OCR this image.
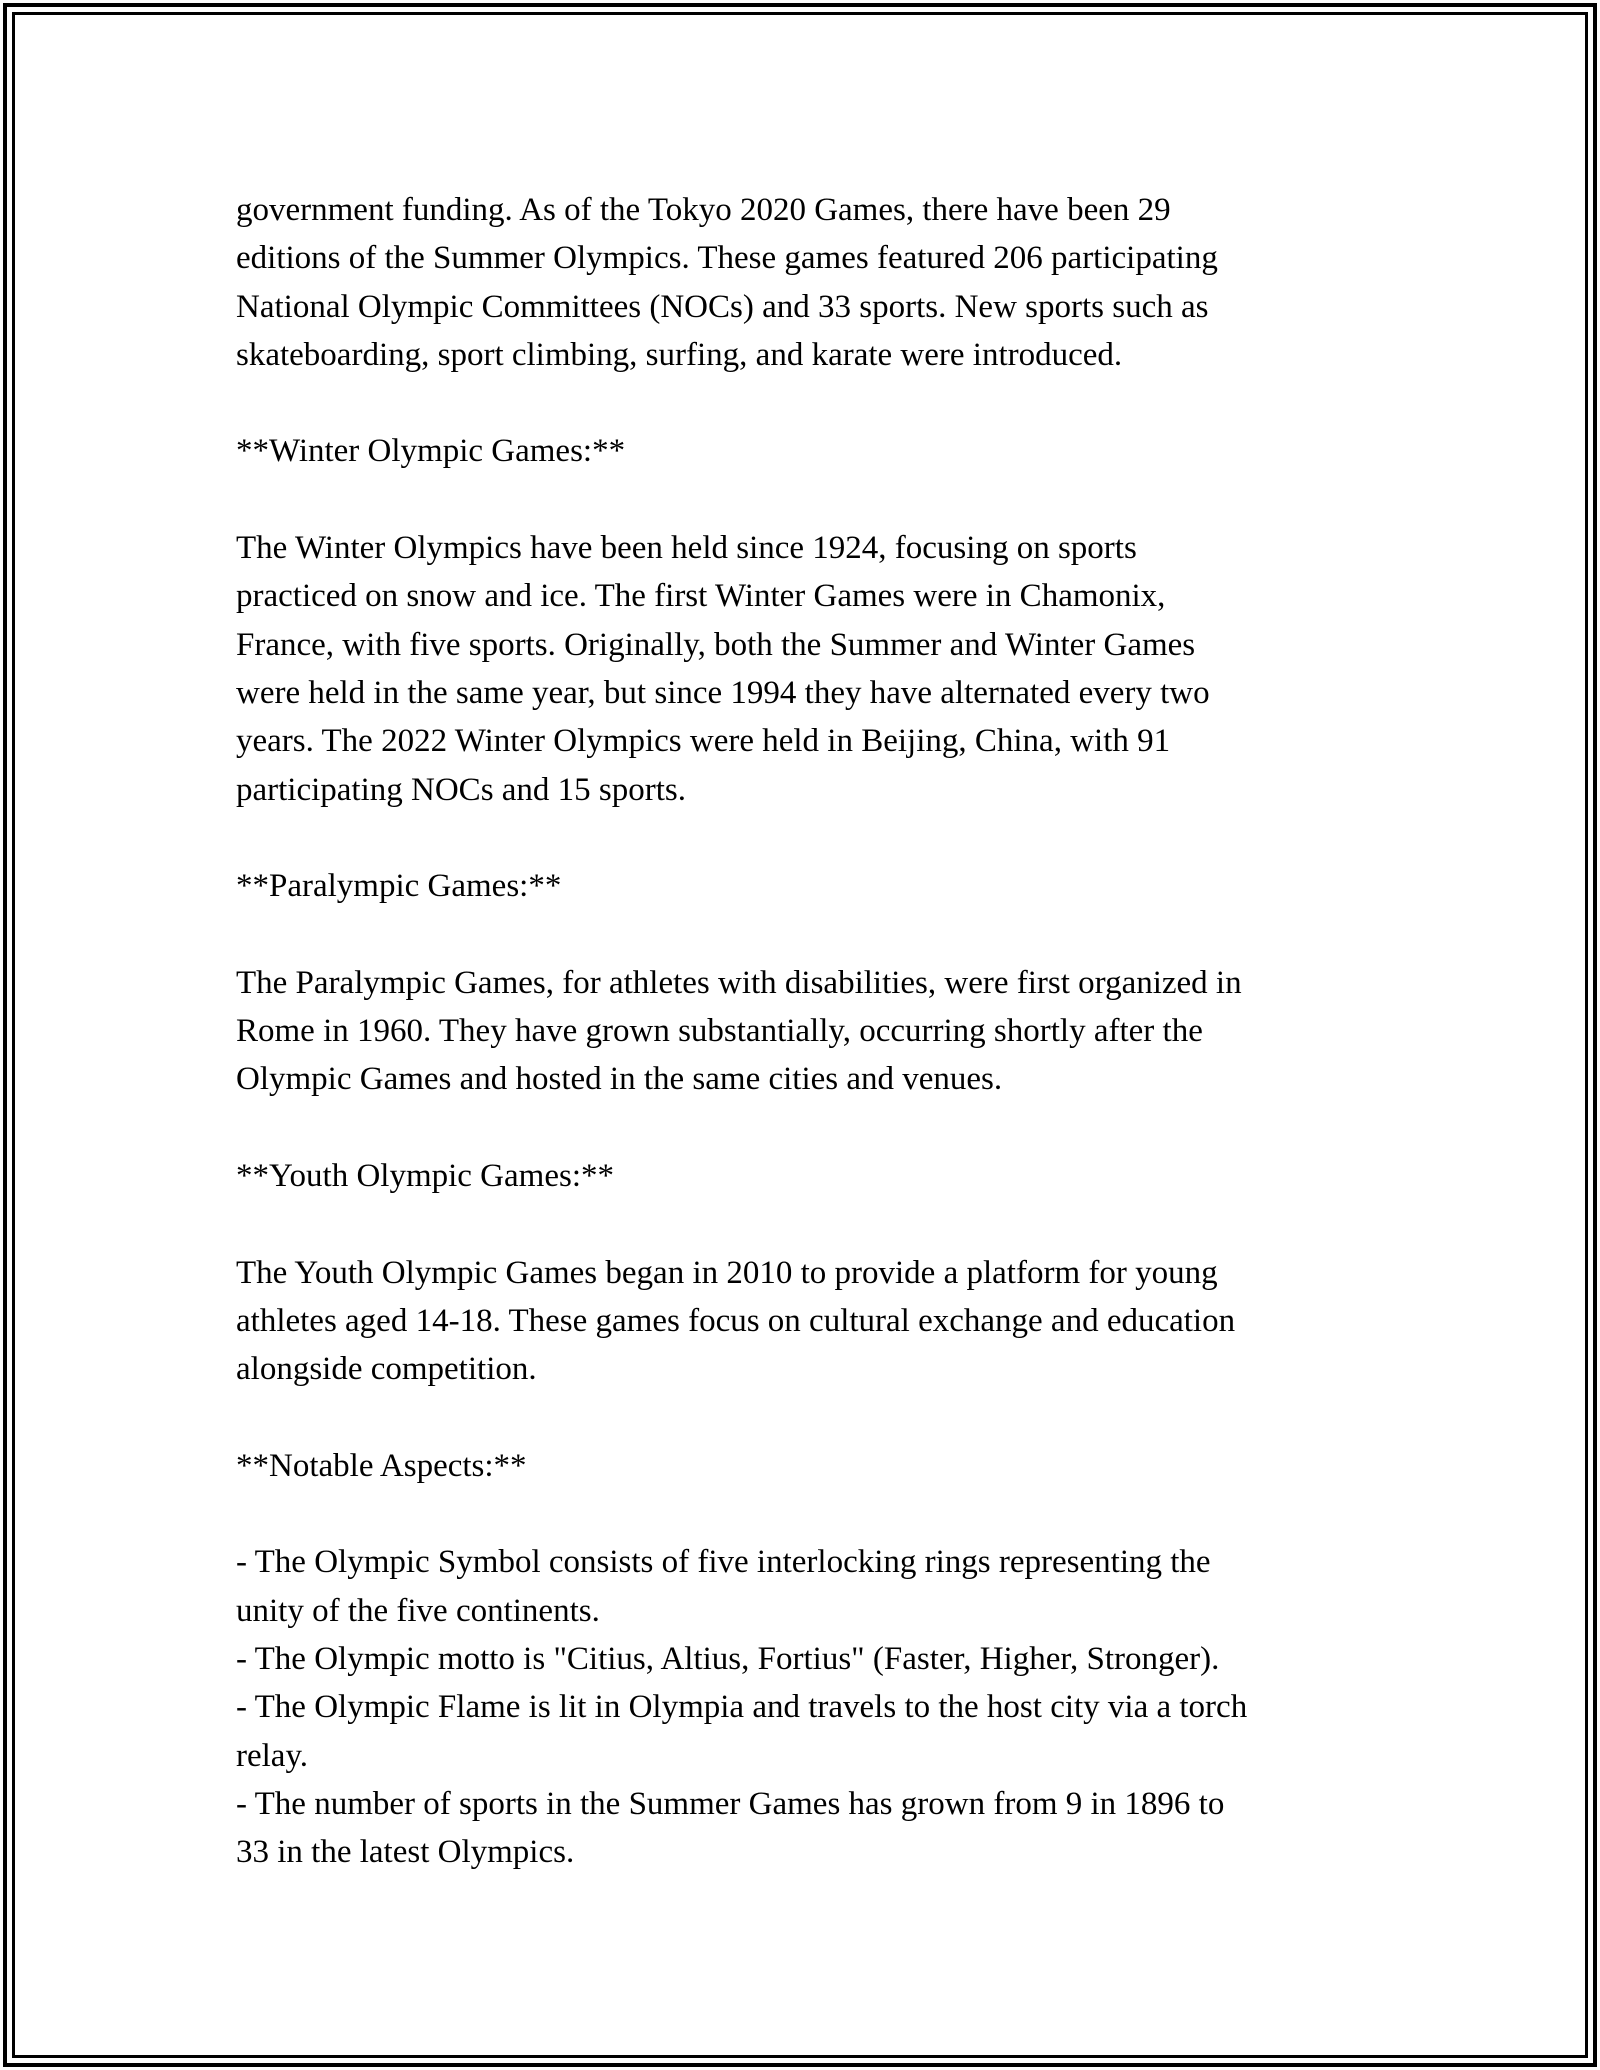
government funding. As of the Tokyo 2020 Games, there have been 29
editions of the Summer Olympics. These games featured 206 participating
National Olympic Committees (NOCs) and 33 sports. New sports such as
skateboarding, sport climbing, surfing, and karate were introduced.

**Winter Olympic Games:**

The Winter Olympics have been held since 1924, focusing on sports
practiced on snow and ice. The first Winter Games were in Chamonix,
France, with five sports. Originally, both the Summer and Winter Games
were held in the same year, but since 1994 they have alternated every two
years. The 2022 Winter Olympics were held in Beijing, China, with 91
participating NOCs and 15 sports.

**Paralympic Games:**

The Paralympic Games, for athletes with disabilities, were first organized in
Rome in 1960. They have grown substantially, occurring shortly after the
Olympic Games and hosted in the same cities and venues.

**Youth Olympic Games:**

The Youth Olympic Games began in 2010 to provide a platform for young
athletes aged 14-18. These games focus on cultural exchange and education
alongside competition.

**Notable Aspects:**

- The Olympic Symbol consists of five interlocking rings representing the
unity of the five continents.
- The Olympic motto is "Citius, Altius, Fortius" (Faster, Higher, Stronger).
- The Olympic Flame is lit in Olympia and travels to the host city via a torch
relay.
- The number of sports in the Summer Games has grown from 9 in 1896 to
33 in the latest Olympics.
